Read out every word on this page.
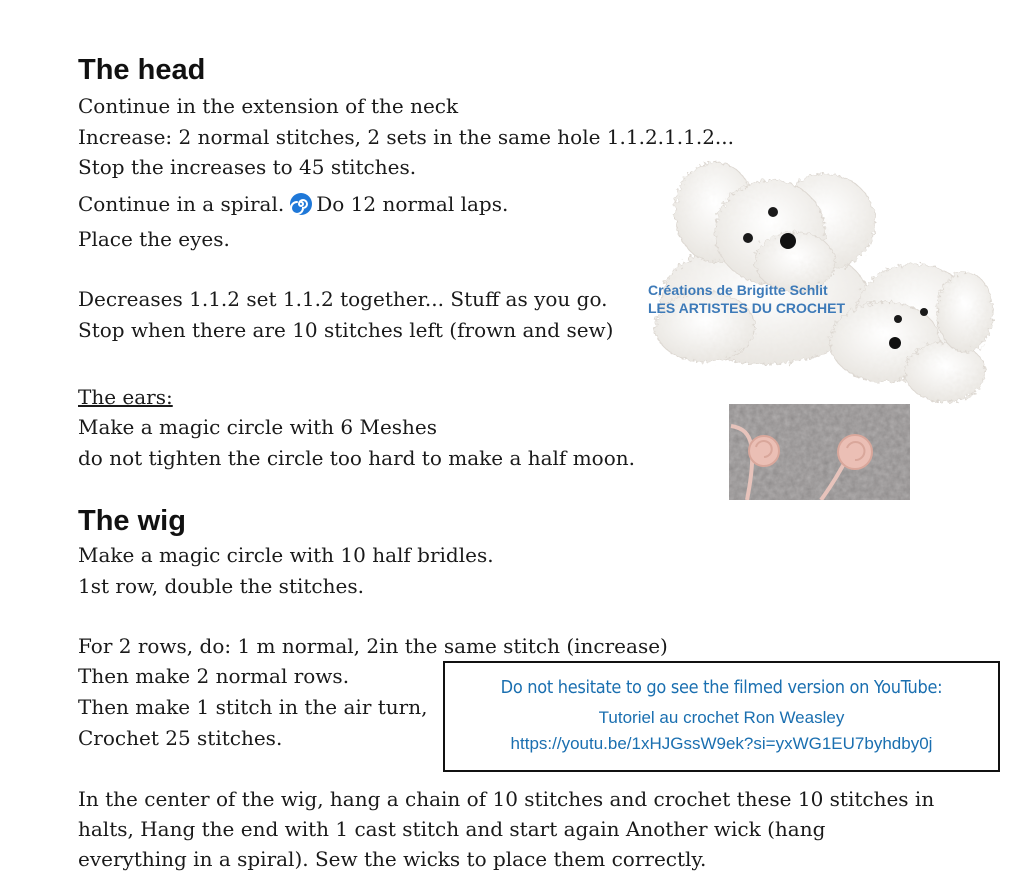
The head
Continue in the extension of the neck
Increase: 2 normal stitches, 2 sets in the same hole 1.1.2.1.1.2...
Stop the increases to 45 stitches.
Continue in a spiral. Do 12 normal laps.
Place the eyes.
Decreases 1.1.2 set 1.1.2 together... Stuff as you go.
Stop when there are 10 stitches left (frown and sew)
The ears:
Make a magic circle with 6 Meshes
do not tighten the circle too hard to make a half moon.
The wig
Make a magic circle with 10 half bridles.
1st row, double the stitches.
For 2 rows, do: 1 m normal, 2in the same stitch (increase)
Then make 2 normal rows.
Then make 1 stitch in the air turn,
Crochet 25 stitches.
In the center of the wig, hang a chain of 10 stitches and crochet these 10 stitches in
halts, Hang the end with 1 cast stitch and start again Another wick (hang
everything in a spiral). Sew the wicks to place them correctly.
Créations de Brigitte Schlit
LES ARTISTES DU CROCHET
Do not hesitate to go see the filmed version on YouTube:
Tutoriel au crochet Ron Weasley
https://youtu.be/1xHJGssW9ek?si=yxWG1EU7byhdby0j
